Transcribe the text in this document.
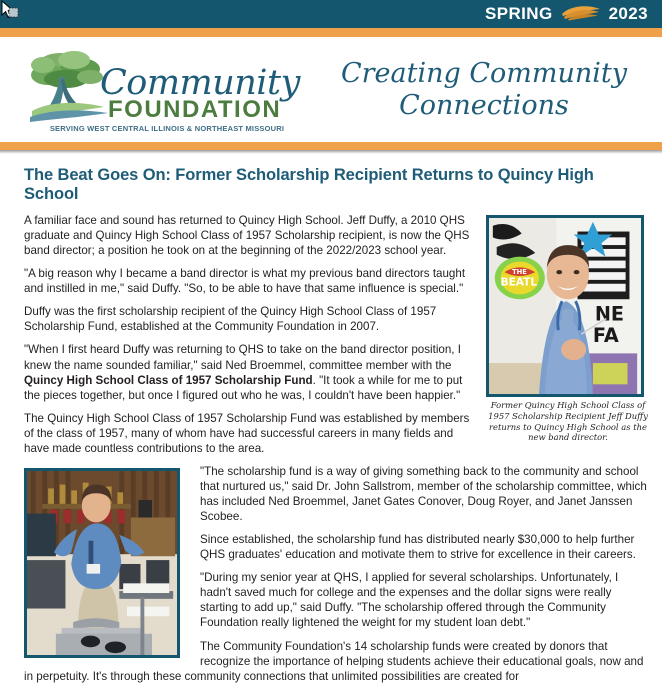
SPRING	2023
Community
FOUNDATION
SERVING WEST CENTRAL ILLINOIS & NORTHEAST MISSOURI
Creating Community
Connections
The Beat Goes On: Former Scholarship Recipient Returns to Quincy High School
THE
BEATL
NE
FA
Former Quincy High School Class of 1957 Scholarship Recipient Jeff Duffy returns to Quincy High School as the new band director.

A familiar face and sound has returned to Quincy High School. Jeff Duffy, a 2010 QHS graduate and Quincy High School Class of 1957 Scholarship recipient, is now the QHS band director; a position he took on at the beginning of the 2022/2023 school year.

"A big reason why I became a band director is what my previous band directors taught and instilled in me," said Duffy. "So, to be able to have that same influence is special."

Duffy was the first scholarship recipient of the Quincy High School Class of 1957 Scholarship Fund, established at the Community Foundation in 2007.

"When I first heard Duffy was returning to QHS to take on the band director position, I knew the name sounded familiar," said Ned Broemmel, committee member with the Quincy High School Class of 1957 Scholarship Fund. "It took a while for me to put the pieces together, but once I figured out who he was, I couldn't have been happier."

The Quincy High School Class of 1957 Scholarship Fund was established by members of the class of 1957, many of whom have had successful careers in many fields and have made countless contributions to the area.

"The scholarship fund is a way of giving something back to the community and school that nurtured us," said Dr. John Sallstrom, member of the scholarship committee, which has included Ned Broemmel, Janet Gates Conover, Doug Royer, and Janet Janssen Scobee.

Since established, the scholarship fund has distributed nearly $30,000 to help further QHS graduates' education and motivate them to strive for excellence in their careers.

"During my senior year at QHS, I applied for several scholarships. Unfortunately, I hadn't saved much for college and the expenses and the dollar signs were really starting to add up," said Duffy. "The scholarship offered through the Community Foundation really lightened the weight for my student loan debt."

The Community Foundation's 14 scholarship funds were created by donors that recognize the importance of helping students achieve their educational goals, now and in perpetuity. It's through these community connections that unlimited possibilities are created for
